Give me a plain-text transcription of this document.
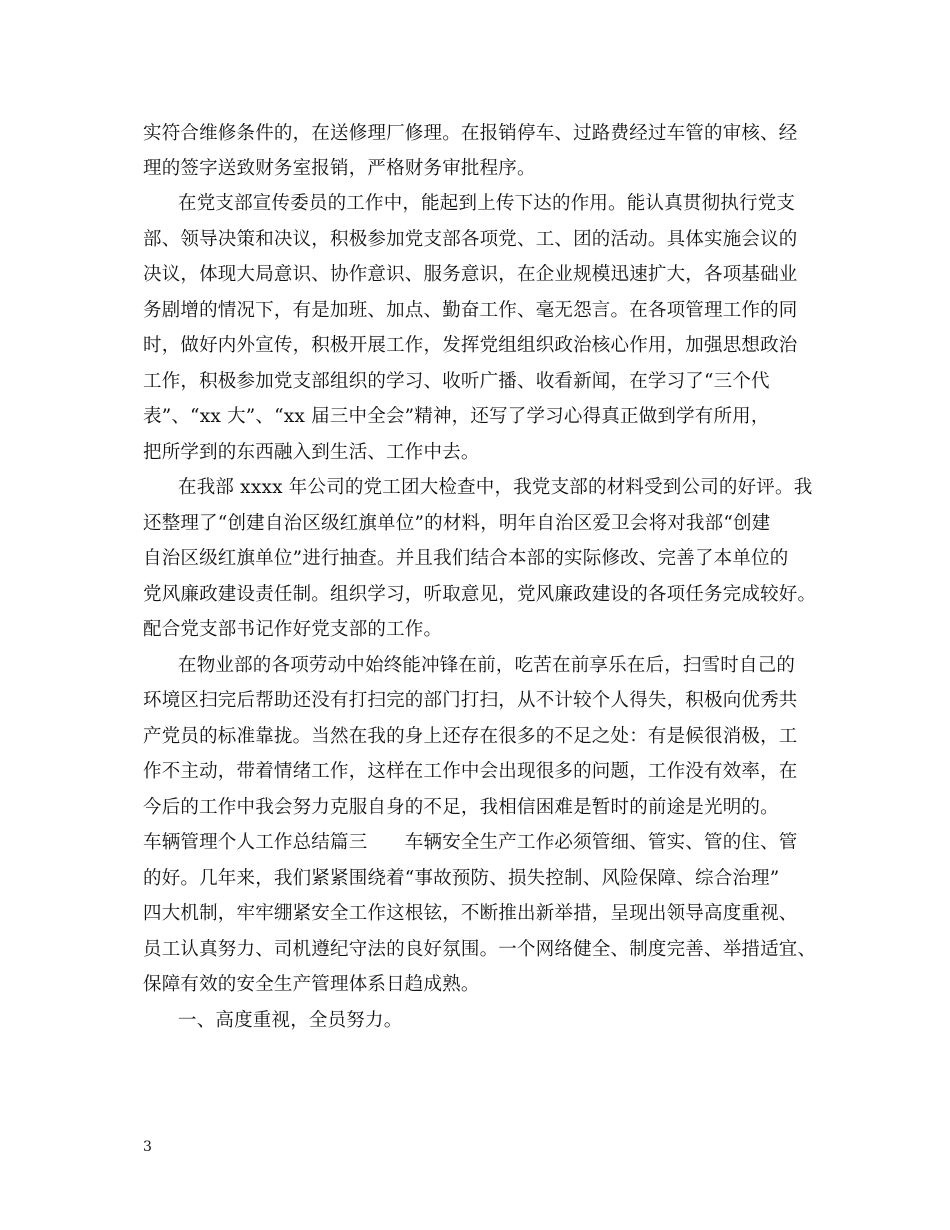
实符合维修条件的，在送修理厂修理。在报销停车、过路费经过车管的审核、经
理的签字送致财务室报销，严格财务审批程序。
在党支部宣传委员的工作中，能起到上传下达的作用。能认真贯彻执行党支
部、领导决策和决议，积极参加党支部各项党、工、团的活动。具体实施会议的
决议，体现大局意识、协作意识、服务意识，在企业规模迅速扩大，各项基础业
务剧增的情况下，有是加班、加点、勤奋工作、毫无怨言。在各项管理工作的同
时，做好内外宣传，积极开展工作，发挥党组组织政治核心作用，加强思想政治
工作，积极参加党支部组织的学习、收听广播、收看新闻，在学习了“三个代
表”、“xx 大”、“xx 届三中全会”精神，还写了学习心得真正做到学有所用，
把所学到的东西融入到生活、工作中去。
在我部 xxxx 年公司的党工团大检查中，我党支部的材料受到公司的好评。我
还整理了“创建自治区级红旗单位”的材料，明年自治区爱卫会将对我部“创建
自治区级红旗单位”进行抽查。并且我们结合本部的实际修改、完善了本单位的
党风廉政建设责任制。组织学习，听取意见，党风廉政建设的各项任务完成较好。
配合党支部书记作好党支部的工作。
在物业部的各项劳动中始终能冲锋在前，吃苦在前享乐在后，扫雪时自己的
环境区扫完后帮助还没有打扫完的部门打扫，从不计较个人得失，积极向优秀共
产党员的标准靠拢。当然在我的身上还存在很多的不足之处：有是候很消极，工
作不主动，带着情绪工作，这样在工作中会出现很多的问题，工作没有效率，在
今后的工作中我会努力克服自身的不足，我相信困难是暂时的前途是光明的。
车辆管理个人工作总结篇三　　车辆安全生产工作必须管细、管实、管的住、管
的好。几年来，我们紧紧围绕着“事故预防、损失控制、风险保障、综合治理”
四大机制，牢牢绷紧安全工作这根铉，不断推出新举措，呈现出领导高度重视、
员工认真努力、司机遵纪守法的良好氛围。一个网络健全、制度完善、举措适宜、
保障有效的安全生产管理体系日趋成熟。
一、高度重视，全员努力。
3
